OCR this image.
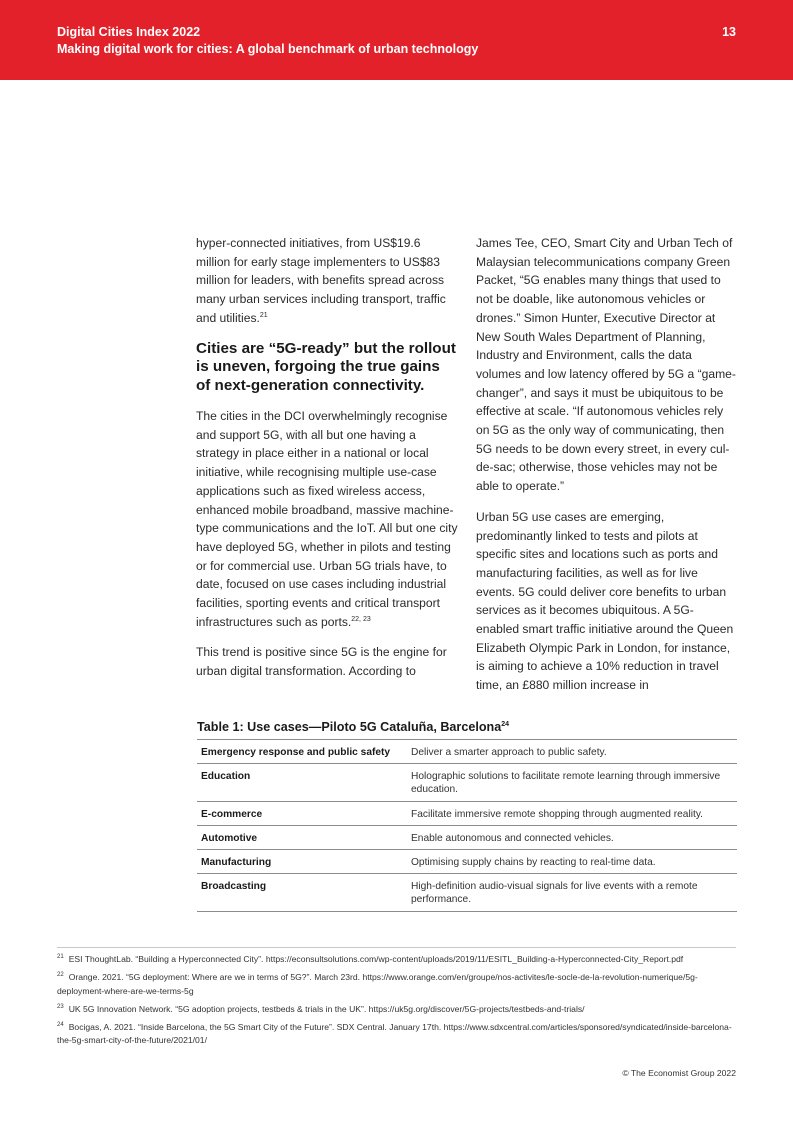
Digital Cities Index 2022
Making digital work for cities: A global benchmark of urban technology
13

hyper-connected initiatives, from US$19.6 million for early stage implementers to US$83 million for leaders, with benefits spread across many urban services including transport, traffic and utilities.$^{21}$

Cities are “5G-ready” but the rollout is uneven, forgoing the true gains of next-generation connectivity.

The cities in the DCI overwhelmingly recognise and support 5G, with all but one having a strategy in place either in a national or local initiative, while recognising multiple use-case applications such as fixed wireless access, enhanced mobile broadband, massive machine-type communications and the IoT. All but one city have deployed 5G, whether in pilots and testing or for commercial use. Urban 5G trials have, to date, focused on use cases including industrial facilities, sporting events and critical transport infrastructures such as ports.$^{22, 23}$

This trend is positive since 5G is the engine for urban digital transformation. According to

James Tee, CEO, Smart City and Urban Tech of Malaysian telecommunications company Green Packet, “5G enables many things that used to not be doable, like autonomous vehicles or drones.” Simon Hunter, Executive Director at New South Wales Department of Planning, Industry and Environment, calls the data volumes and low latency offered by 5G a “game-changer”, and says it must be ubiquitous to be effective at scale. “If autonomous vehicles rely on 5G as the only way of communicating, then 5G needs to be down every street, in every cul-de-sac; otherwise, those vehicles may not be able to operate.”

Urban 5G use cases are emerging, predominantly linked to tests and pilots at specific sites and locations such as ports and manufacturing facilities, as well as for live events. 5G could deliver core benefits to urban services as it becomes ubiquitous. A 5G- enabled smart traffic initiative around the Queen Elizabeth Olympic Park in London, for instance, is aiming to achieve a 10% reduction in travel time, an £880 million increase in

Table 1: Use cases—Piloto 5G Cataluña, Barcelona$^{24}$
Emergency response and public safety	Deliver a smarter approach to public safety.
Education	Holographic solutions to facilitate remote learning through immersive education.
E-commerce	Facilitate immersive remote shopping through augmented reality.
Automotive	Enable autonomous and connected vehicles.
Manufacturing	Optimising supply chains by reacting to real-time data.
Broadcasting	High-definition audio-visual signals for live events with a remote performance.
$^{21}$ ESI ThoughtLab. “Building a Hyperconnected City”. https://econsultsolutions.com/wp-content/uploads/2019/11/ESITL_Building-a-Hyperconnected-City_Report.pdf
$^{22}$ Orange. 2021. “5G deployment: Where are we in terms of 5G?”. March 23rd. https://www.orange.com/en/groupe/nos-activites/le-socle-de-la-revolution-numerique/5g-deployment-where-are-we-terms-5g
$^{23}$ UK 5G Innovation Network. “5G adoption projects, testbeds & trials in the UK”. https://uk5g.org/discover/5G-projects/testbeds-and-trials/
$^{24}$ Bocigas, A. 2021. “Inside Barcelona, the 5G Smart City of the Future”. SDX Central. January 17th. https://www.sdxcentral.com/articles/sponsored/syndicated/inside-barcelona-the-5g-smart-city-of-the-future/2021/01/
© The Economist Group 2022
